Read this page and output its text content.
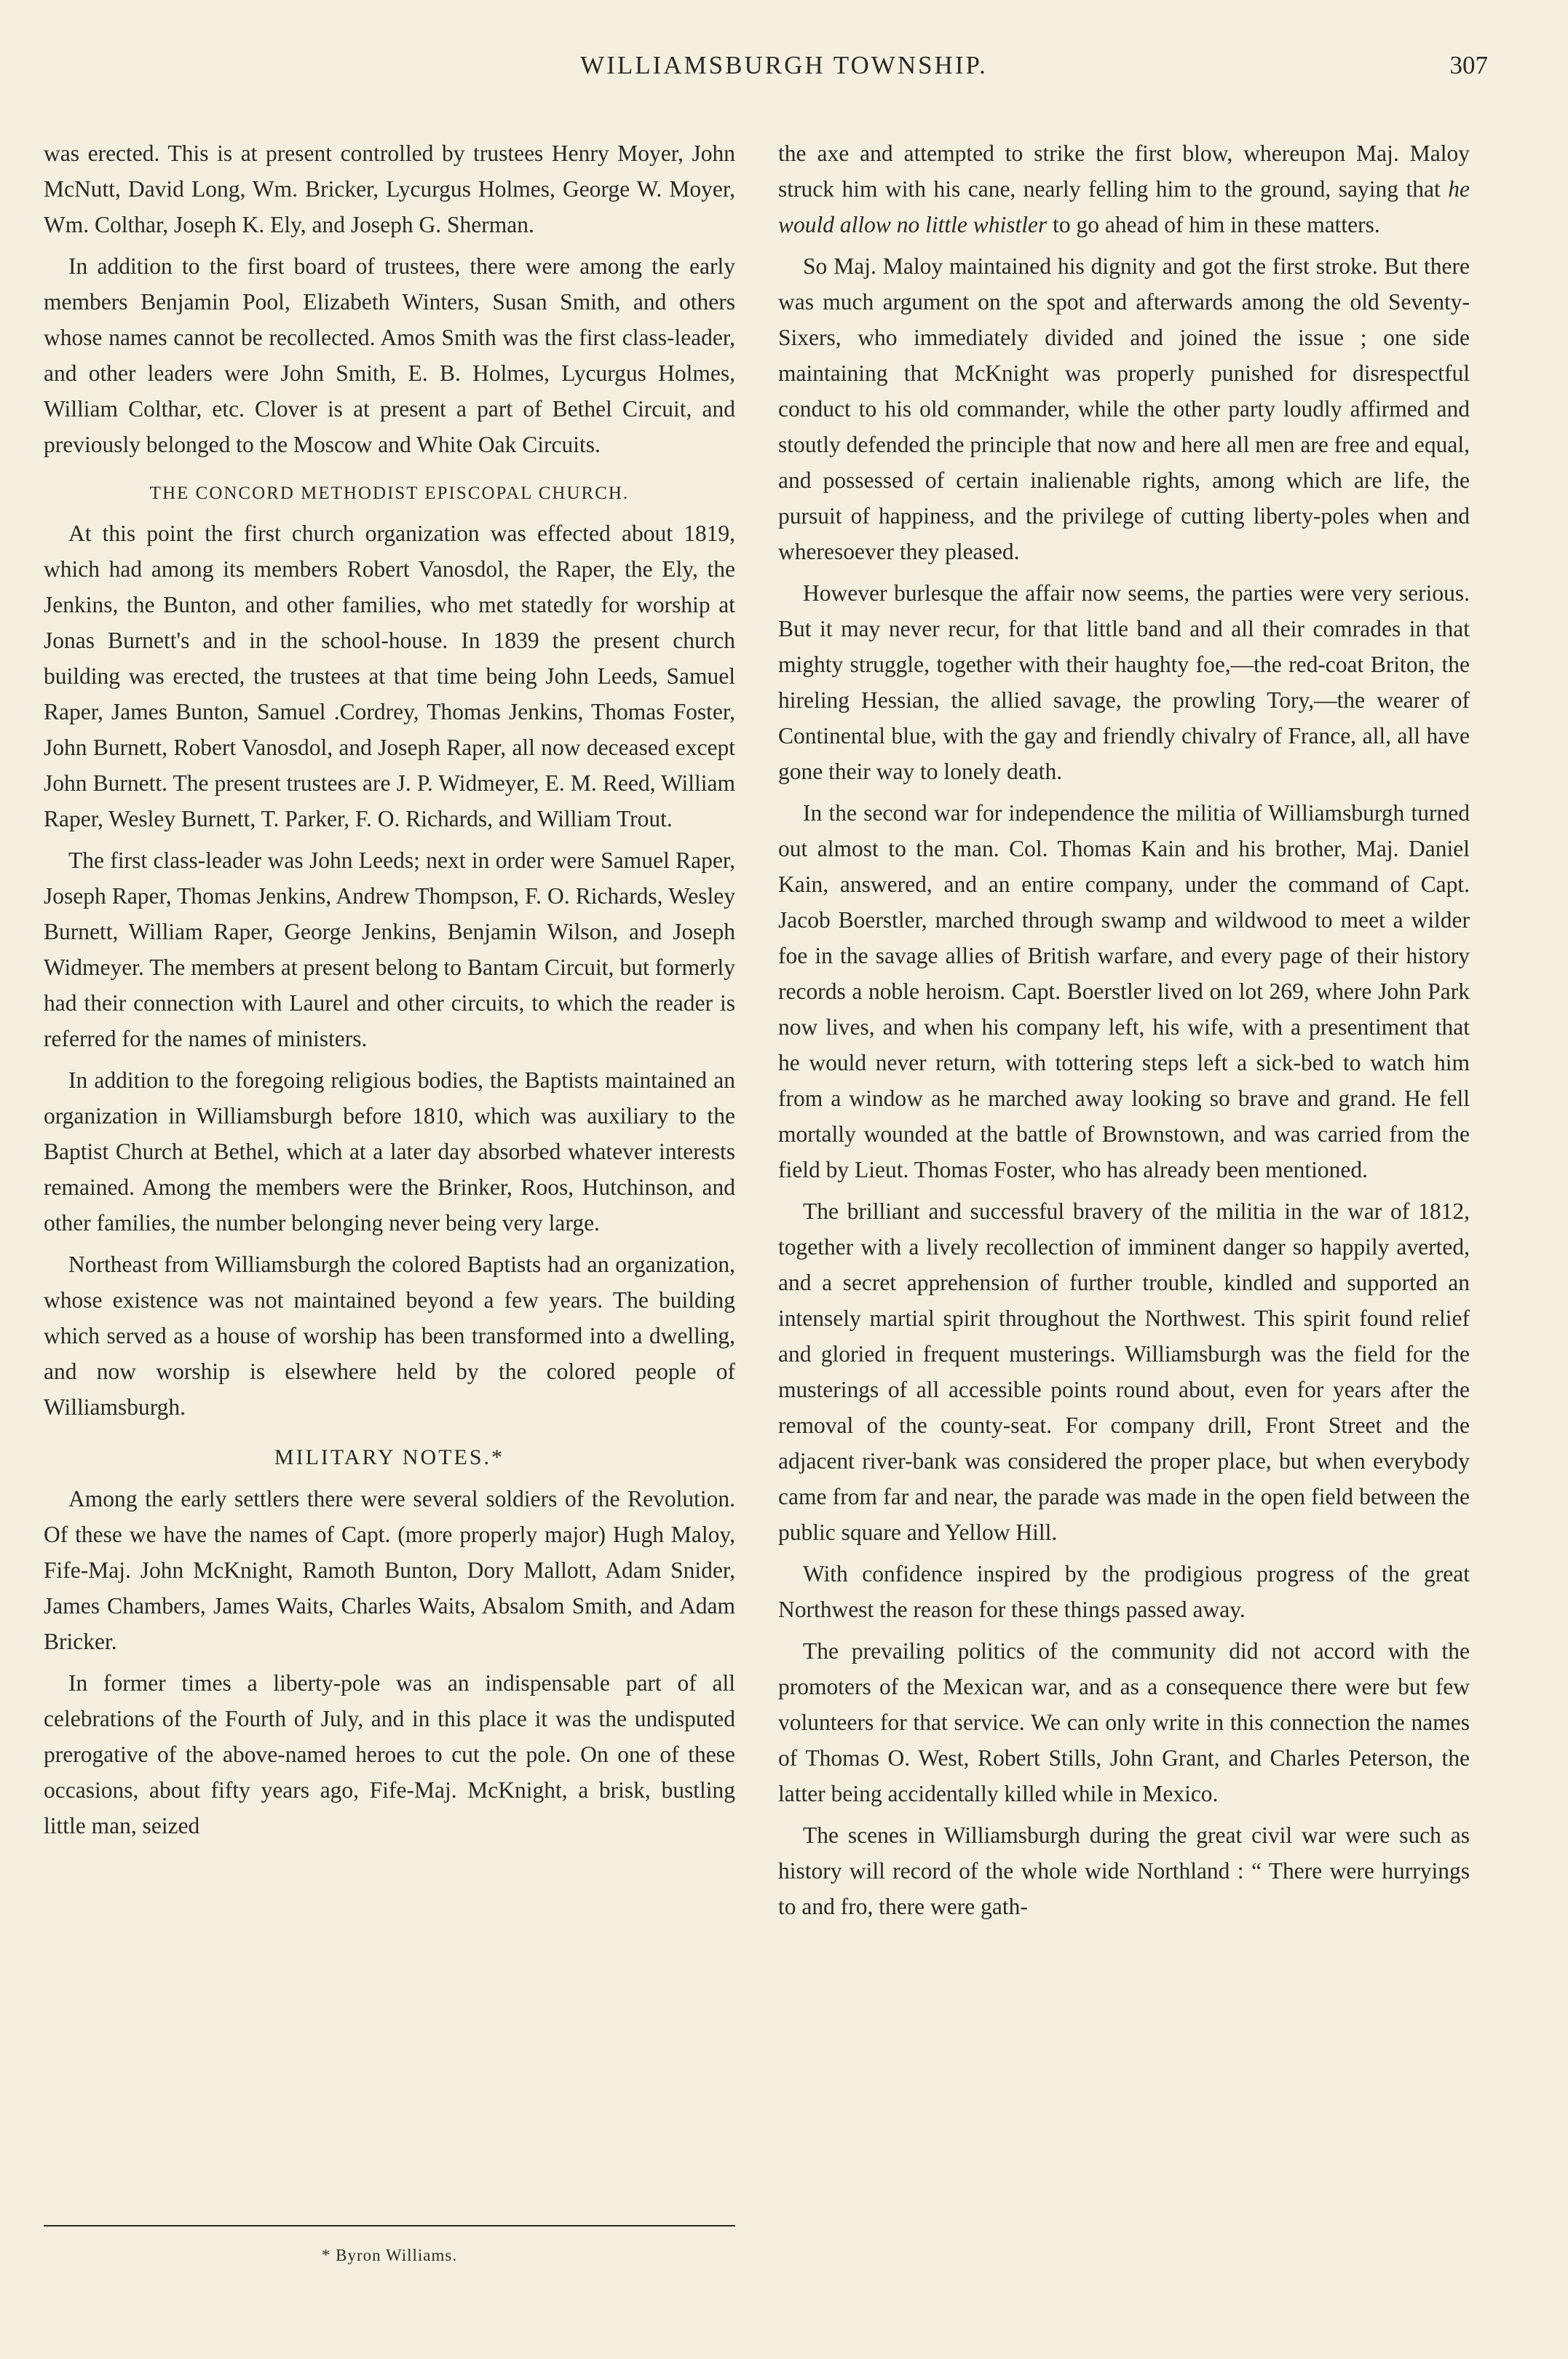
WILLIAMSBURGH TOWNSHIP.	307

was erected. This is at present controlled by trustees Henry Moyer, John McNutt, David Long, Wm. Bricker, Lycurgus Holmes, George W. Moyer, Wm. Colthar, Joseph K. Ely, and Joseph G. Sherman.

In addition to the first board of trustees, there were among the early members Benjamin Pool, Elizabeth Winters, Susan Smith, and others whose names cannot be recollected. Amos Smith was the first class-leader, and other leaders were John Smith, E. B. Holmes, Lycurgus Holmes, William Colthar, etc. Clover is at present a part of Bethel Circuit, and previously belonged to the Moscow and White Oak Circuits.

THE CONCORD METHODIST EPISCOPAL CHURCH.

At this point the first church organization was effected about 1819, which had among its members Robert Vanosdol, the Raper, the Ely, the Jenkins, the Bunton, and other families, who met statedly for worship at Jonas Burnett's and in the school-house. In 1839 the present church building was erected, the trustees at that time being John Leeds, Samuel Raper, James Bunton, Samuel .Cordrey, Thomas Jenkins, Thomas Foster, John Burnett, Robert Vanosdol, and Joseph Raper, all now deceased except John Burnett. The present trustees are J. P. Widmeyer, E. M. Reed, William Raper, Wesley Burnett, T. Parker, F. O. Richards, and William Trout.

The first class-leader was John Leeds; next in order were Samuel Raper, Joseph Raper, Thomas Jenkins, Andrew Thompson, F. O. Richards, Wesley Burnett, William Raper, George Jenkins, Benjamin Wilson, and Joseph Widmeyer. The members at present belong to Bantam Circuit, but formerly had their connection with Laurel and other circuits, to which the reader is referred for the names of ministers.

In addition to the foregoing religious bodies, the Baptists maintained an organization in Williamsburgh before 1810, which was auxiliary to the Baptist Church at Bethel, which at a later day absorbed whatever interests remained. Among the members were the Brinker, Roos, Hutchinson, and other families, the number belonging never being very large.

Northeast from Williamsburgh the colored Baptists had an organization, whose existence was not maintained beyond a few years. The building which served as a house of worship has been transformed into a dwelling, and now worship is elsewhere held by the colored people of Williamsburgh.

MILITARY NOTES.*

Among the early settlers there were several soldiers of the Revolution. Of these we have the names of Capt. (more properly major) Hugh Maloy, Fife-Maj. John McKnight, Ramoth Bunton, Dory Mallott, Adam Snider, James Chambers, James Waits, Charles Waits, Absalom Smith, and Adam Bricker.

In former times a liberty-pole was an indispensable part of all celebrations of the Fourth of July, and in this place it was the undisputed prerogative of the above-named heroes to cut the pole. On one of these occasions, about fifty years ago, Fife-Maj. McKnight, a brisk, bustling little man, seized

the axe and attempted to strike the first blow, whereupon Maj. Maloy struck him with his cane, nearly felling him to the ground, saying that he would allow no little whistler to go ahead of him in these matters.

So Maj. Maloy maintained his dignity and got the first stroke. But there was much argument on the spot and afterwards among the old Seventy-Sixers, who immediately divided and joined the issue ; one side maintaining that McKnight was properly punished for disrespectful conduct to his old commander, while the other party loudly affirmed and stoutly defended the principle that now and here all men are free and equal, and possessed of certain inalienable rights, among which are life, the pursuit of happiness, and the privilege of cutting liberty-poles when and wheresoever they pleased.

However burlesque the affair now seems, the parties were very serious. But it may never recur, for that little band and all their comrades in that mighty struggle, together with their haughty foe,—the red-coat Briton, the hireling Hessian, the allied savage, the prowling Tory,—the wearer of Continental blue, with the gay and friendly chivalry of France, all, all have gone their way to lonely death.

In the second war for independence the militia of Williamsburgh turned out almost to the man. Col. Thomas Kain and his brother, Maj. Daniel Kain, answered, and an entire company, under the command of Capt. Jacob Boerstler, marched through swamp and wildwood to meet a wilder foe in the savage allies of British warfare, and every page of their history records a noble heroism. Capt. Boerstler lived on lot 269, where John Park now lives, and when his company left, his wife, with a presentiment that he would never return, with tottering steps left a sick-bed to watch him from a window as he marched away looking so brave and grand. He fell mortally wounded at the battle of Brownstown, and was carried from the field by Lieut. Thomas Foster, who has already been mentioned.

The brilliant and successful bravery of the militia in the war of 1812, together with a lively recollection of imminent danger so happily averted, and a secret apprehension of further trouble, kindled and supported an intensely martial spirit throughout the Northwest. This spirit found relief and gloried in frequent musterings. Williamsburgh was the field for the musterings of all accessible points round about, even for years after the removal of the county-seat. For company drill, Front Street and the adjacent river-bank was considered the proper place, but when everybody came from far and near, the parade was made in the open field between the public square and Yellow Hill.

With confidence inspired by the prodigious progress of the great Northwest the reason for these things passed away.

The prevailing politics of the community did not accord with the promoters of the Mexican war, and as a consequence there were but few volunteers for that service. We can only write in this connection the names of Thomas O. West, Robert Stills, John Grant, and Charles Peterson, the latter being accidentally killed while in Mexico.

The scenes in Williamsburgh during the great civil war were such as history will record of the whole wide Northland : “ There were hurryings to and fro, there were gath-

* Byron Williams.
